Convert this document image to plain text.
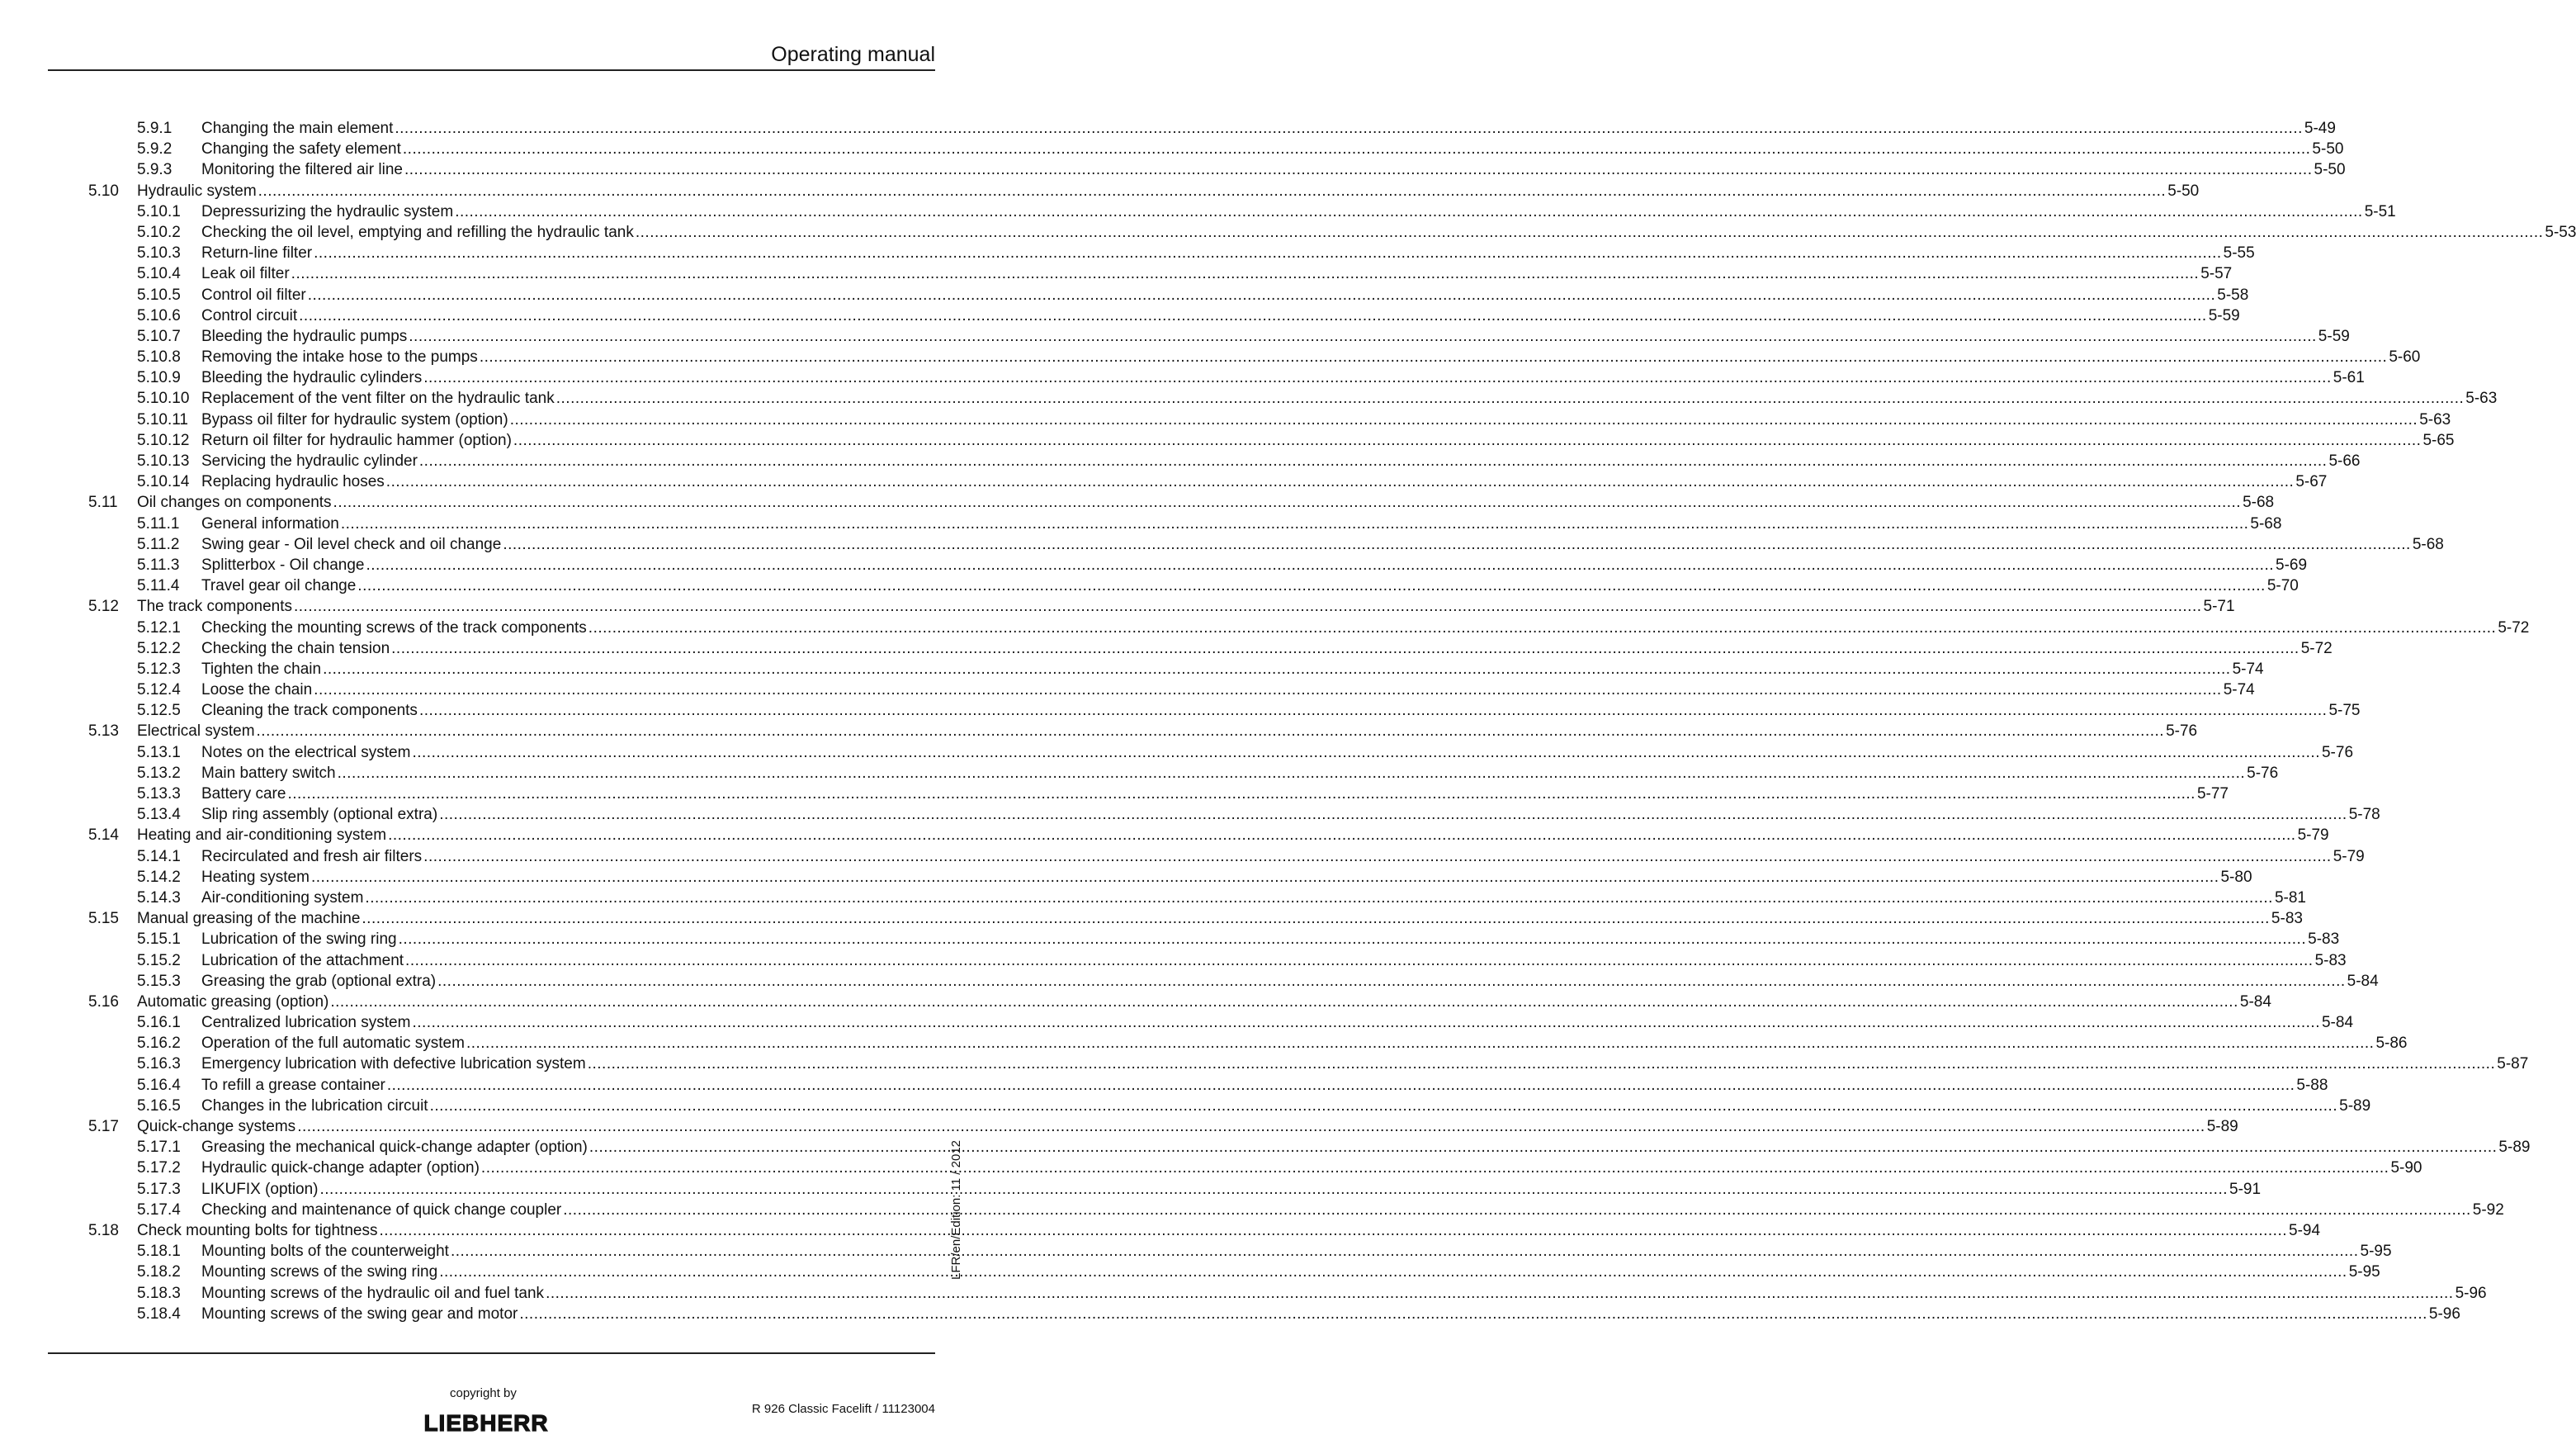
Operating manual
5.9.1 Changing the main element ................................................................................................................................................................................................................................................................................................................................................................................................................ 5-49
5.9.2 Changing the safety element ................................................................................................................................................................................................................................................................................................................................................................................................................ 5-50
5.9.3 Monitoring the filtered air line ................................................................................................................................................................................................................................................................................................................................................................................................................ 5-50
5.10 Hydraulic system ................................................................................................................................................................................................................................................................................................................................................................................................................ 5-50
5.10.1 Depressurizing the hydraulic system ................................................................................................................................................................................................................................................................................................................................................................................................................ 5-51
5.10.2 Checking the oil level, emptying and refilling the hydraulic tank ................................................................................................................................................................................................................................................................................................................................................................................................................ 5-53
5.10.3 Return-line filter ................................................................................................................................................................................................................................................................................................................................................................................................................ 5-55
5.10.4 Leak oil filter ................................................................................................................................................................................................................................................................................................................................................................................................................ 5-57
5.10.5 Control oil filter ................................................................................................................................................................................................................................................................................................................................................................................................................ 5-58
5.10.6 Control circuit ................................................................................................................................................................................................................................................................................................................................................................................................................ 5-59
5.10.7 Bleeding the hydraulic pumps ................................................................................................................................................................................................................................................................................................................................................................................................................ 5-59
5.10.8 Removing the intake hose to the pumps ................................................................................................................................................................................................................................................................................................................................................................................................................ 5-60
5.10.9 Bleeding the hydraulic cylinders ................................................................................................................................................................................................................................................................................................................................................................................................................ 5-61
5.10.10 Replacement of the vent filter on the hydraulic tank ................................................................................................................................................................................................................................................................................................................................................................................................................ 5-63
5.10.11 Bypass oil filter for hydraulic system (option) ................................................................................................................................................................................................................................................................................................................................................................................................................ 5-63
5.10.12 Return oil filter for hydraulic hammer (option) ................................................................................................................................................................................................................................................................................................................................................................................................................ 5-65
5.10.13 Servicing the hydraulic cylinder ................................................................................................................................................................................................................................................................................................................................................................................................................ 5-66
5.10.14 Replacing hydraulic hoses ................................................................................................................................................................................................................................................................................................................................................................................................................ 5-67
5.11 Oil changes on components ................................................................................................................................................................................................................................................................................................................................................................................................................ 5-68
5.11.1 General information ................................................................................................................................................................................................................................................................................................................................................................................................................ 5-68
5.11.2 Swing gear - Oil level check and oil change ................................................................................................................................................................................................................................................................................................................................................................................................................ 5-68
5.11.3 Splitterbox - Oil change ................................................................................................................................................................................................................................................................................................................................................................................................................ 5-69
5.11.4 Travel gear oil change ................................................................................................................................................................................................................................................................................................................................................................................................................ 5-70
5.12 The track components ................................................................................................................................................................................................................................................................................................................................................................................................................ 5-71
5.12.1 Checking the mounting screws of the track components ................................................................................................................................................................................................................................................................................................................................................................................................................ 5-72
5.12.2 Checking the chain tension ................................................................................................................................................................................................................................................................................................................................................................................................................ 5-72
5.12.3 Tighten the chain ................................................................................................................................................................................................................................................................................................................................................................................................................ 5-74
5.12.4 Loose the chain ................................................................................................................................................................................................................................................................................................................................................................................................................ 5-74
5.12.5 Cleaning the track components ................................................................................................................................................................................................................................................................................................................................................................................................................ 5-75
5.13 Electrical system ................................................................................................................................................................................................................................................................................................................................................................................................................ 5-76
5.13.1 Notes on the electrical system ................................................................................................................................................................................................................................................................................................................................................................................................................ 5-76
5.13.2 Main battery switch ................................................................................................................................................................................................................................................................................................................................................................................................................ 5-76
5.13.3 Battery care ................................................................................................................................................................................................................................................................................................................................................................................................................ 5-77
5.13.4 Slip ring assembly (optional extra) ................................................................................................................................................................................................................................................................................................................................................................................................................ 5-78
5.14 Heating and air-conditioning system ................................................................................................................................................................................................................................................................................................................................................................................................................ 5-79
5.14.1 Recirculated and fresh air filters ................................................................................................................................................................................................................................................................................................................................................................................................................ 5-79
5.14.2 Heating system ................................................................................................................................................................................................................................................................................................................................................................................................................ 5-80
5.14.3 Air-conditioning system ................................................................................................................................................................................................................................................................................................................................................................................................................ 5-81
5.15 Manual greasing of the machine ................................................................................................................................................................................................................................................................................................................................................................................................................ 5-83
5.15.1 Lubrication of the swing ring ................................................................................................................................................................................................................................................................................................................................................................................................................ 5-83
5.15.2 Lubrication of the attachment ................................................................................................................................................................................................................................................................................................................................................................................................................ 5-83
5.15.3 Greasing the grab (optional extra) ................................................................................................................................................................................................................................................................................................................................................................................................................ 5-84
5.16 Automatic greasing (option) ................................................................................................................................................................................................................................................................................................................................................................................................................ 5-84
5.16.1 Centralized lubrication system ................................................................................................................................................................................................................................................................................................................................................................................................................ 5-84
5.16.2 Operation of the full automatic system ................................................................................................................................................................................................................................................................................................................................................................................................................ 5-86
5.16.3 Emergency lubrication with defective lubrication system ................................................................................................................................................................................................................................................................................................................................................................................................................ 5-87
5.16.4 To refill a grease container ................................................................................................................................................................................................................................................................................................................................................................................................................ 5-88
5.16.5 Changes in the lubrication circuit ................................................................................................................................................................................................................................................................................................................................................................................................................ 5-89
5.17 Quick-change systems ................................................................................................................................................................................................................................................................................................................................................................................................................ 5-89
5.17.1 Greasing the mechanical quick-change adapter (option) ................................................................................................................................................................................................................................................................................................................................................................................................................ 5-89
5.17.2 Hydraulic quick-change adapter (option) ................................................................................................................................................................................................................................................................................................................................................................................................................ 5-90
5.17.3 LIKUFIX (option) ................................................................................................................................................................................................................................................................................................................................................................................................................ 5-91
5.17.4 Checking and maintenance of quick change coupler ................................................................................................................................................................................................................................................................................................................................................................................................................ 5-92
5.18 Check mounting bolts for tightness ................................................................................................................................................................................................................................................................................................................................................................................................................ 5-94
5.18.1 Mounting bolts of the counterweight ................................................................................................................................................................................................................................................................................................................................................................................................................ 5-95
5.18.2 Mounting screws of the swing ring ................................................................................................................................................................................................................................................................................................................................................................................................................ 5-95
5.18.3 Mounting screws of the hydraulic oil and fuel tank ................................................................................................................................................................................................................................................................................................................................................................................................................ 5-96
5.18.4 Mounting screws of the swing gear and motor ................................................................................................................................................................................................................................................................................................................................................................................................................ 5-96
LFR/en/Edition: 11 / 2012
copyright by
R 926 Classic Facelift / 11123004
LIEBHERR
